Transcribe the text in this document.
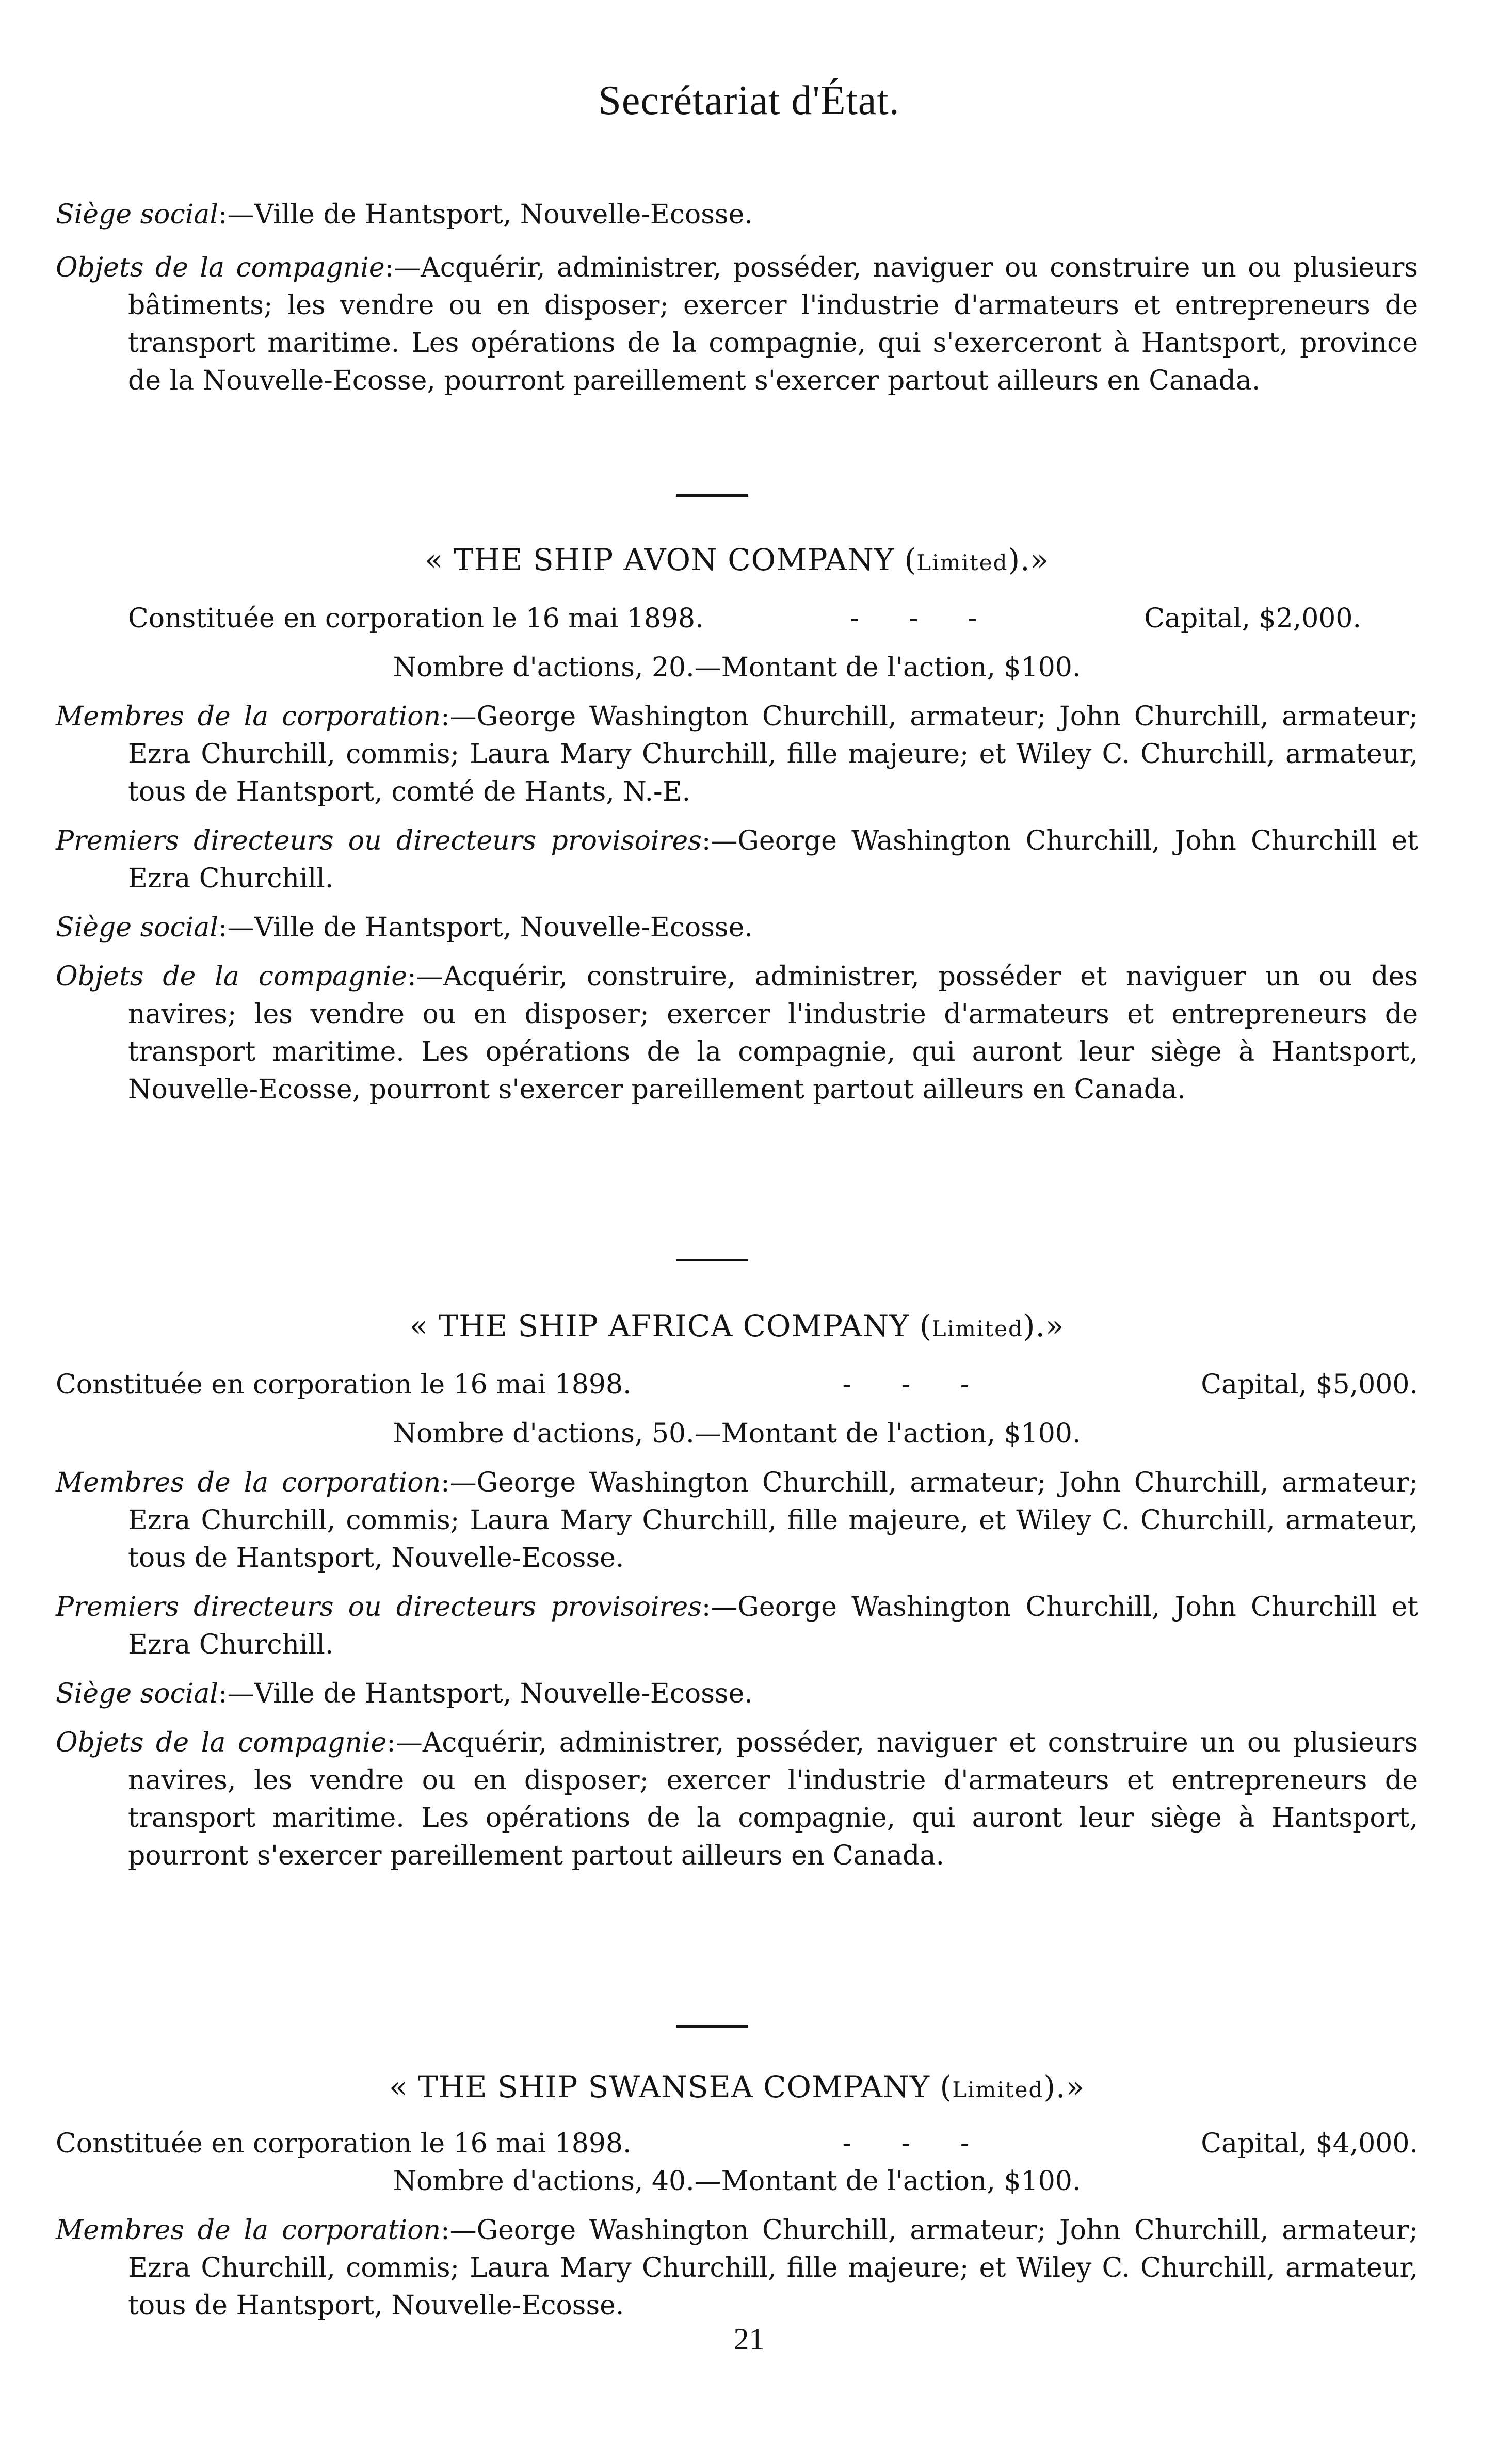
Secrétariat d'État.

Siège social:—Ville de Hantsport, Nouvelle-Ecosse.

Objets de la compagnie:—Acquérir, administrer, posséder, naviguer ou construire un ou plusieurs bâtiments; les vendre ou en disposer; exercer l'industrie d'armateurs et entrepreneurs de transport maritime. Les opérations de la compagnie, qui s'exerceront à Hantsport, province de la Nouvelle-Ecosse, pourront pareillement s'exercer partout ailleurs en Canada.

« THE SHIP AVON COMPANY (Limited).»
Constituée en corporation le 16 mai 1898.	- - -	Capital, $2,000.
Nombre d'actions, 20.—Montant de l'action, $100.

Membres de la corporation:—George Washington Churchill, armateur; John Churchill, armateur; Ezra Churchill, commis; Laura Mary Churchill, fille majeure; et Wiley C. Churchill, armateur, tous de Hantsport, comté de Hants, N.-E.

Premiers directeurs ou directeurs provisoires:—George Washington Churchill, John Churchill et Ezra Churchill.

Siège social:—Ville de Hantsport, Nouvelle-Ecosse.

Objets de la compagnie:—Acquérir, construire, administrer, posséder et naviguer un ou des navires; les vendre ou en disposer; exercer l'industrie d'armateurs et entrepreneurs de transport maritime. Les opérations de la compagnie, qui auront leur siège à Hantsport, Nouvelle-Ecosse, pourront s'exercer pareillement partout ailleurs en Canada.

« THE SHIP AFRICA COMPANY (Limited).»
Constituée en corporation le 16 mai 1898.	- - -	Capital, $5,000.
Nombre d'actions, 50.—Montant de l'action, $100.

Membres de la corporation:—George Washington Churchill, armateur; John Churchill, armateur; Ezra Churchill, commis; Laura Mary Churchill, fille majeure, et Wiley C. Churchill, armateur, tous de Hantsport, Nouvelle-Ecosse.

Premiers directeurs ou directeurs provisoires:—George Washington Churchill, John Churchill et Ezra Churchill.

Siège social:—Ville de Hantsport, Nouvelle-Ecosse.

Objets de la compagnie:—Acquérir, administrer, posséder, naviguer et construire un ou plusieurs navires, les vendre ou en disposer; exercer l'industrie d'armateurs et entrepreneurs de transport maritime. Les opérations de la compagnie, qui auront leur siège à Hantsport, pourront s'exercer pareillement partout ailleurs en Canada.

« THE SHIP SWANSEA COMPANY (Limited).»
Constituée en corporation le 16 mai 1898.	- - -	Capital, $4,000.
Nombre d'actions, 40.—Montant de l'action, $100.

Membres de la corporation:—George Washington Churchill, armateur; John Churchill, armateur; Ezra Churchill, commis; Laura Mary Churchill, fille majeure; et Wiley C. Churchill, armateur, tous de Hantsport, Nouvelle-Ecosse.

21
